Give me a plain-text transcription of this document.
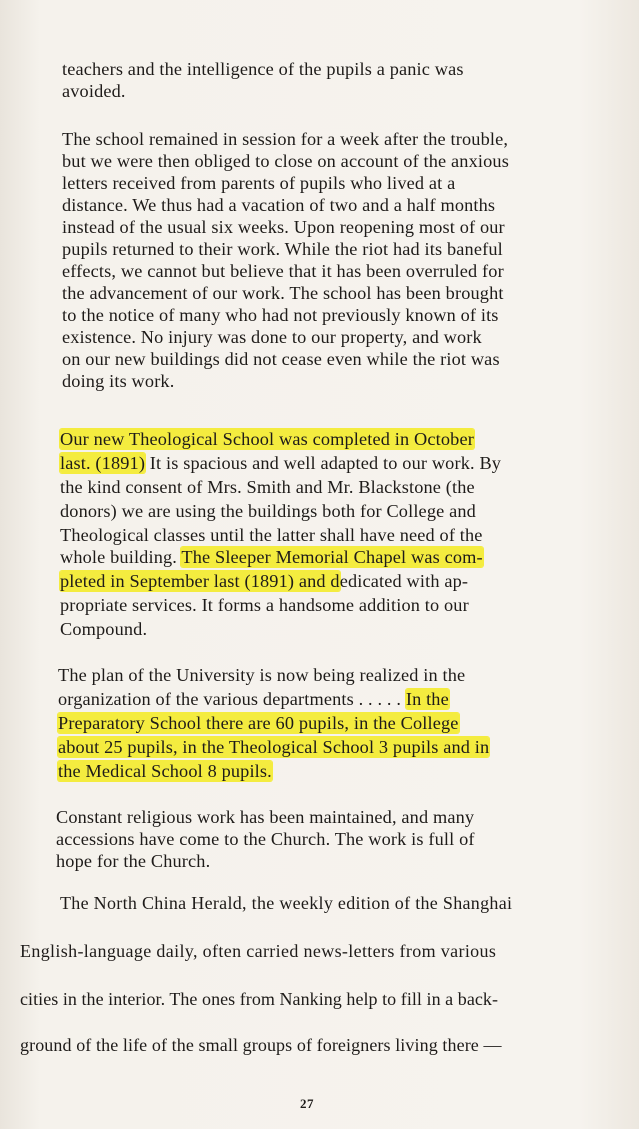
teachers and the intelligence of the pupils a panic was
avoided.
The school remained in session for a week after the trouble,
but we were then obliged to close on account of the anxious
letters received from parents of pupils who lived at a
distance. We thus had a vacation of two and a half months
instead of the usual six weeks. Upon reopening most of our
pupils returned to their work. While the riot had its baneful
effects, we cannot but believe that it has been overruled for
the advancement of our work. The school has been brought
to the notice of many who had not previously known of its
existence. No injury was done to our property, and work
on our new buildings did not cease even while the riot was
doing its work.
Our new Theological School was completed in October
last. (1891) It is spacious and well adapted to our work. By
the kind consent of Mrs. Smith and Mr. Blackstone (the
donors) we are using the buildings both for College and
Theological classes until the latter shall have need of the
whole building. The Sleeper Memorial Chapel was com-
pleted in September last (1891) and dedicated with ap-
propriate services. It forms a handsome addition to our
Compound.
The plan of the University is now being realized in the
organization of the various departments . . . . . In the
Preparatory School there are 60 pupils, in the College
about 25 pupils, in the Theological School 3 pupils and in
the Medical School 8 pupils.
Constant religious work has been maintained, and many
accessions have come to the Church. The work is full of
hope for the Church.
The North China Herald, the weekly edition of the Shanghai
English-language daily, often carried news-letters from various
cities in the interior. The ones from Nanking help to fill in a back-
ground of the life of the small groups of foreigners living there —
27
